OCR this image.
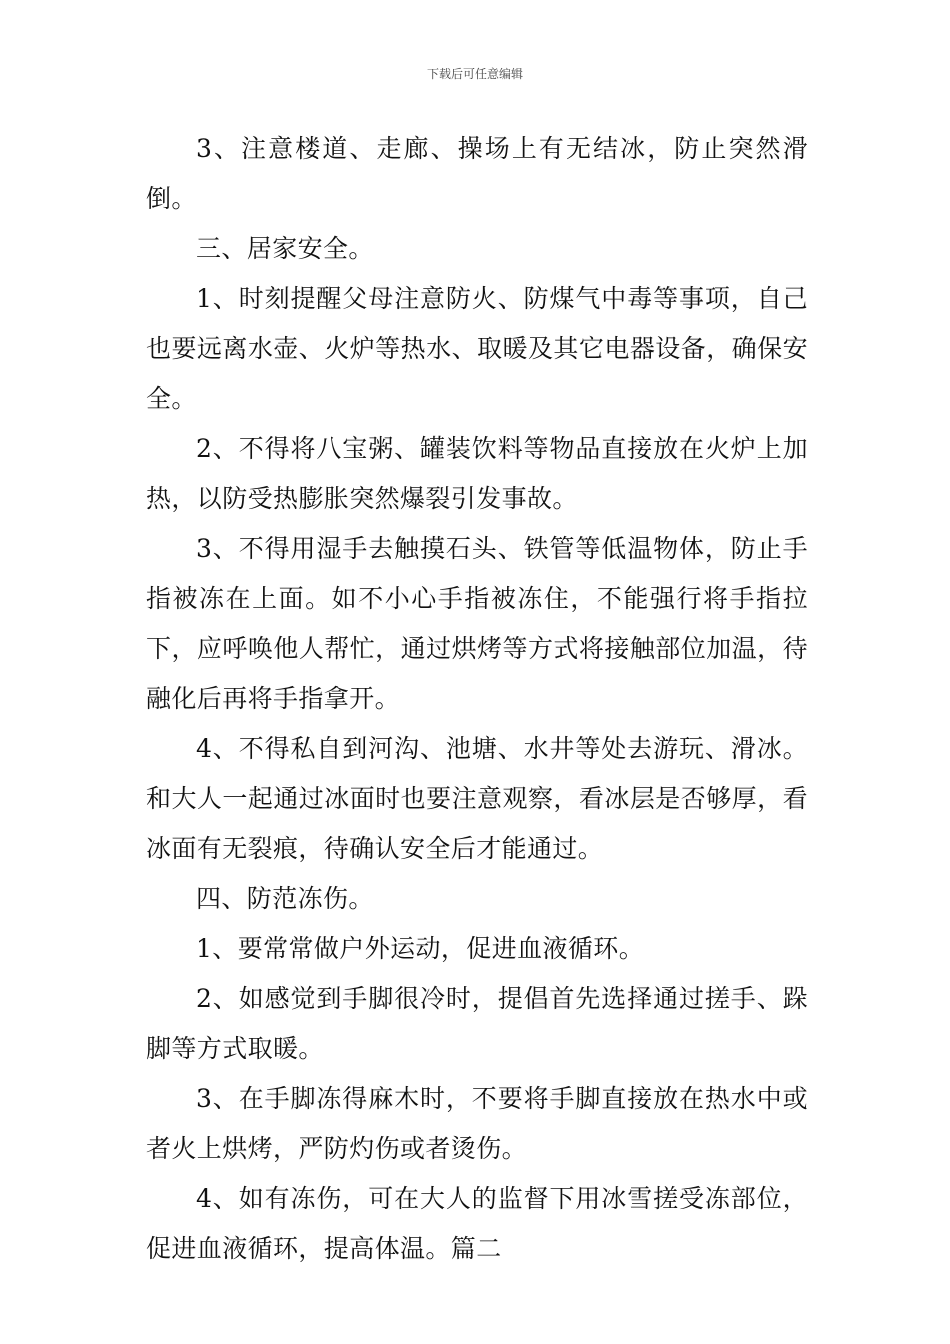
下载后可任意编辑

3、注意楼道、走廊、操场上有无结冰，防止突然滑倒。

三、居家安全。

1、时刻提醒父母注意防火、防煤气中毒等事项，自己也要远离水壶、火炉等热水、取暖及其它电器设备，确保安全。

2、不得将八宝粥、罐装饮料等物品直接放在火炉上加热，以防受热膨胀突然爆裂引发事故。

3、不得用湿手去触摸石头、铁管等低温物体，防止手指被冻在上面。如不小心手指被冻住，不能强行将手指拉下，应呼唤他人帮忙，通过烘烤等方式将接触部位加温，待融化后再将手指拿开。

4、不得私自到河沟、池塘、水井等处去游玩、滑冰。和大人一起通过冰面时也要注意观察，看冰层是否够厚，看冰面有无裂痕，待确认安全后才能通过。

四、防范冻伤。

1、要常常做户外运动，促进血液循环。

2、如感觉到手脚很冷时，提倡首先选择通过搓手、跺脚等方式取暖。

3、在手脚冻得麻木时，不要将手脚直接放在热水中或者火上烘烤，严防灼伤或者烫伤。

4、如有冻伤，可在大人的监督下用冰雪搓受冻部位，促进血液循环，提高体温。篇二
